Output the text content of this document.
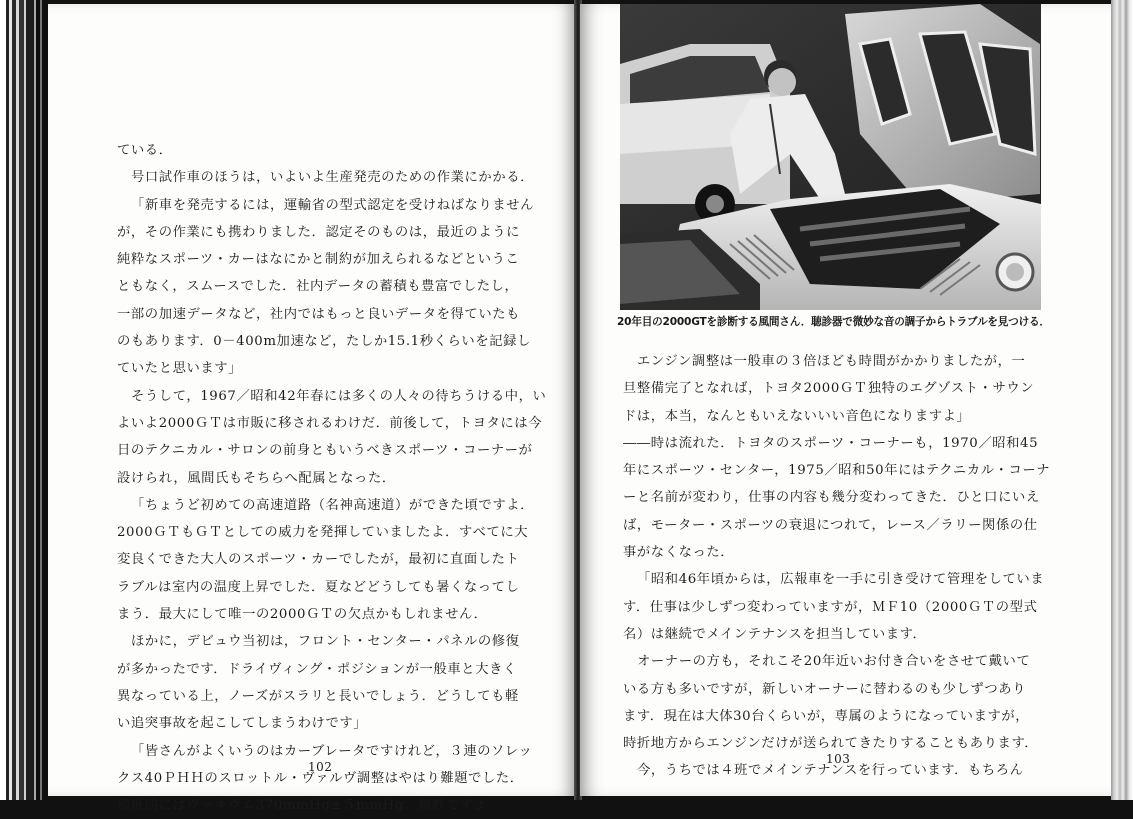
ている．

号口試作車のほうは，いよいよ生産発売のための作業にかかる．

「新車を発売するには，運輸省の型式認定を受けねばなりません

が，その作業にも携わりました．認定そのものは，最近のように

純粋なスポーツ・カーはなにかと制約が加えられるなどというこ

ともなく，スムースでした．社内データの蓄積も豊富でしたし，

一部の加速データなど，社内ではもっと良いデータを得ていたも

のもあります．0－400m加速など，たしか15.1秒くらいを記録し

ていたと思います」

そうして，1967／昭和42年春には多くの人々の待ちうける中，い

よいよ2000ＧＴは市販に移されるわけだ．前後して，トヨタには今

日のテクニカル・サロンの前身ともいうべきスポーツ・コーナーが

設けられ，風間氏もそちらへ配属となった．

「ちょうど初めての高速道路（名神高速道）ができた頃ですよ．

2000ＧＴもＧＴとしての威力を発揮していましたよ．すべてに大

変良くできた大人のスポーツ・カーでしたが，最初に直面したト

ラブルは室内の温度上昇でした．夏などどうしても暑くなってし

まう．最大にして唯一の2000ＧＴの欠点かもしれません．

ほかに，デビュウ当初は，フロント・センター・パネルの修復

が多かったです．ドライヴィング・ポジションが一般車と大きく

異なっている上，ノーズがスラリと長いでしょう．どうしても軽

い追突事故を起こしてしまうわけです」

「皆さんがよくいうのはカーブレータですけれど，３連のソレッ

クス40ＰＨＨのスロットル・ヴァルヴ調整はやはり難題でした．

精度的にはヴァキウム370mmHg±５mmHg．微妙ですよ．

102
20年目の2000GTを診断する風間さん．聴診器で微妙な音の調子からトラブルを見つける．

エンジン調整は一般車の３倍ほども時間がかかりましたが，一

旦整備完了となれば，トヨタ2000ＧＴ独特のエグゾスト・サウン

ドは，本当，なんともいえないいい音色になりますよ」

――時は流れた．トヨタのスポーツ・コーナーも，1970／昭和45

年にスポーツ・センター，1975／昭和50年にはテクニカル・コーナ

ーと名前が変わり，仕事の内容も幾分変わってきた．ひと口にいえ

ば，モーター・スポーツの衰退につれて，レース／ラリー関係の仕

事がなくなった．

「昭和46年頃からは，広報車を一手に引き受けて管理をしていま

す．仕事は少しずつ変わっていますが，ＭＦ10（2000ＧＴの型式

名）は継続でメインテナンスを担当しています．

オーナーの方も，それこそ20年近いお付き合いをさせて戴いて

いる方も多いですが，新しいオーナーに替わるのも少しずつあり

ます．現在は大体30台くらいが，専属のようになっていますが，

時折地方からエンジンだけが送られてきたりすることもあります．

今，うちでは４班でメインテナンスを行っています．もちろん

103
